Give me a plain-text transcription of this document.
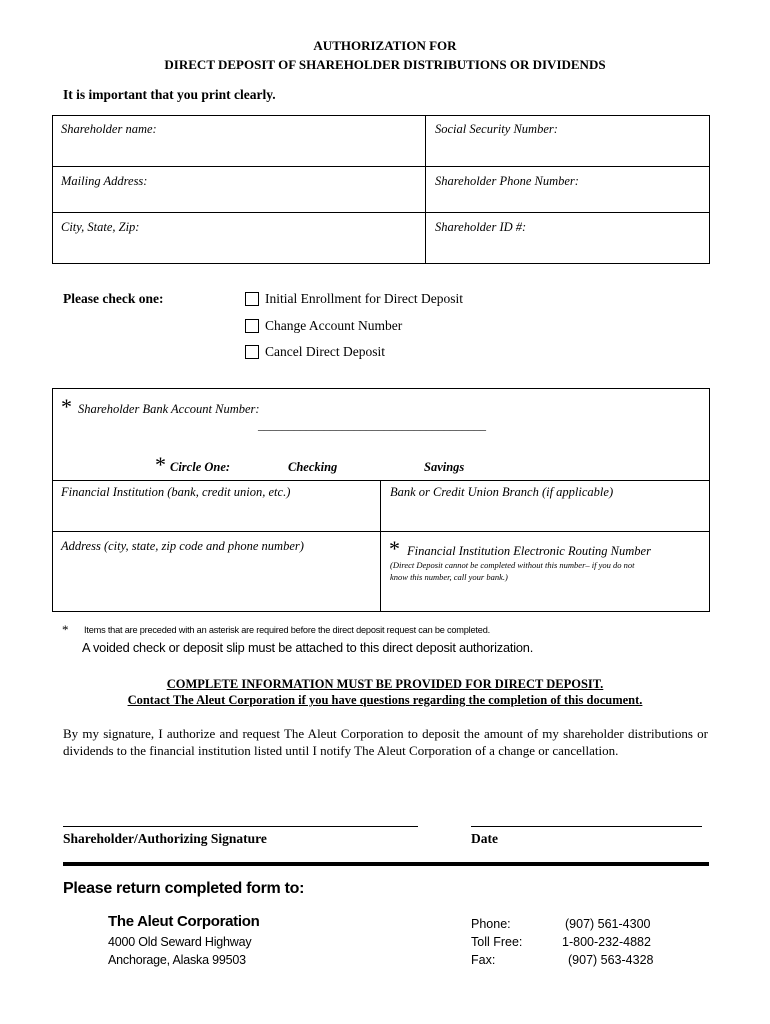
AUTHORIZATION FOR
DIRECT DEPOSIT OF SHAREHOLDER DISTRIBUTIONS OR DIVIDENDS
It is important that you print clearly.
Shareholder name:	Social Security Number:
Mailing Address:	Shareholder Phone Number:
City, State, Zip:	Shareholder ID #:
Please check one:	Initial Enrollment for Direct Deposit
Change Account Number
Cancel Direct Deposit
* Shareholder Bank Account Number:
______________________________________
* Circle One:	Checking	Savings
Financial Institution (bank, credit union, etc.)	Bank or Credit Union Branch (if applicable)
Address (city, state, zip code and phone number)	* Financial Institution Electronic Routing Number
(Direct Deposit cannot be completed without this number– if you do not
know this number, call your bank.)
* Items that are preceded with an asterisk are required before the direct deposit request can be completed.
A voided check or deposit slip must be attached to this direct deposit authorization.
COMPLETE INFORMATION MUST BE PROVIDED FOR DIRECT DEPOSIT.
Contact The Aleut Corporation if you have questions regarding the completion of this document.
By my signature, I authorize and request The Aleut Corporation to deposit the amount of my shareholder distributions or dividends to the financial institution listed until I notify The Aleut Corporation of a change or cancellation.
Shareholder/Authorizing Signature	Date
Please return completed form to:
The Aleut Corporation
4000 Old Seward Highway
Anchorage, Alaska 99503
Phone:	(907) 561-4300
Toll Free:	1-800-232-4882
Fax:	(907) 563-4328
